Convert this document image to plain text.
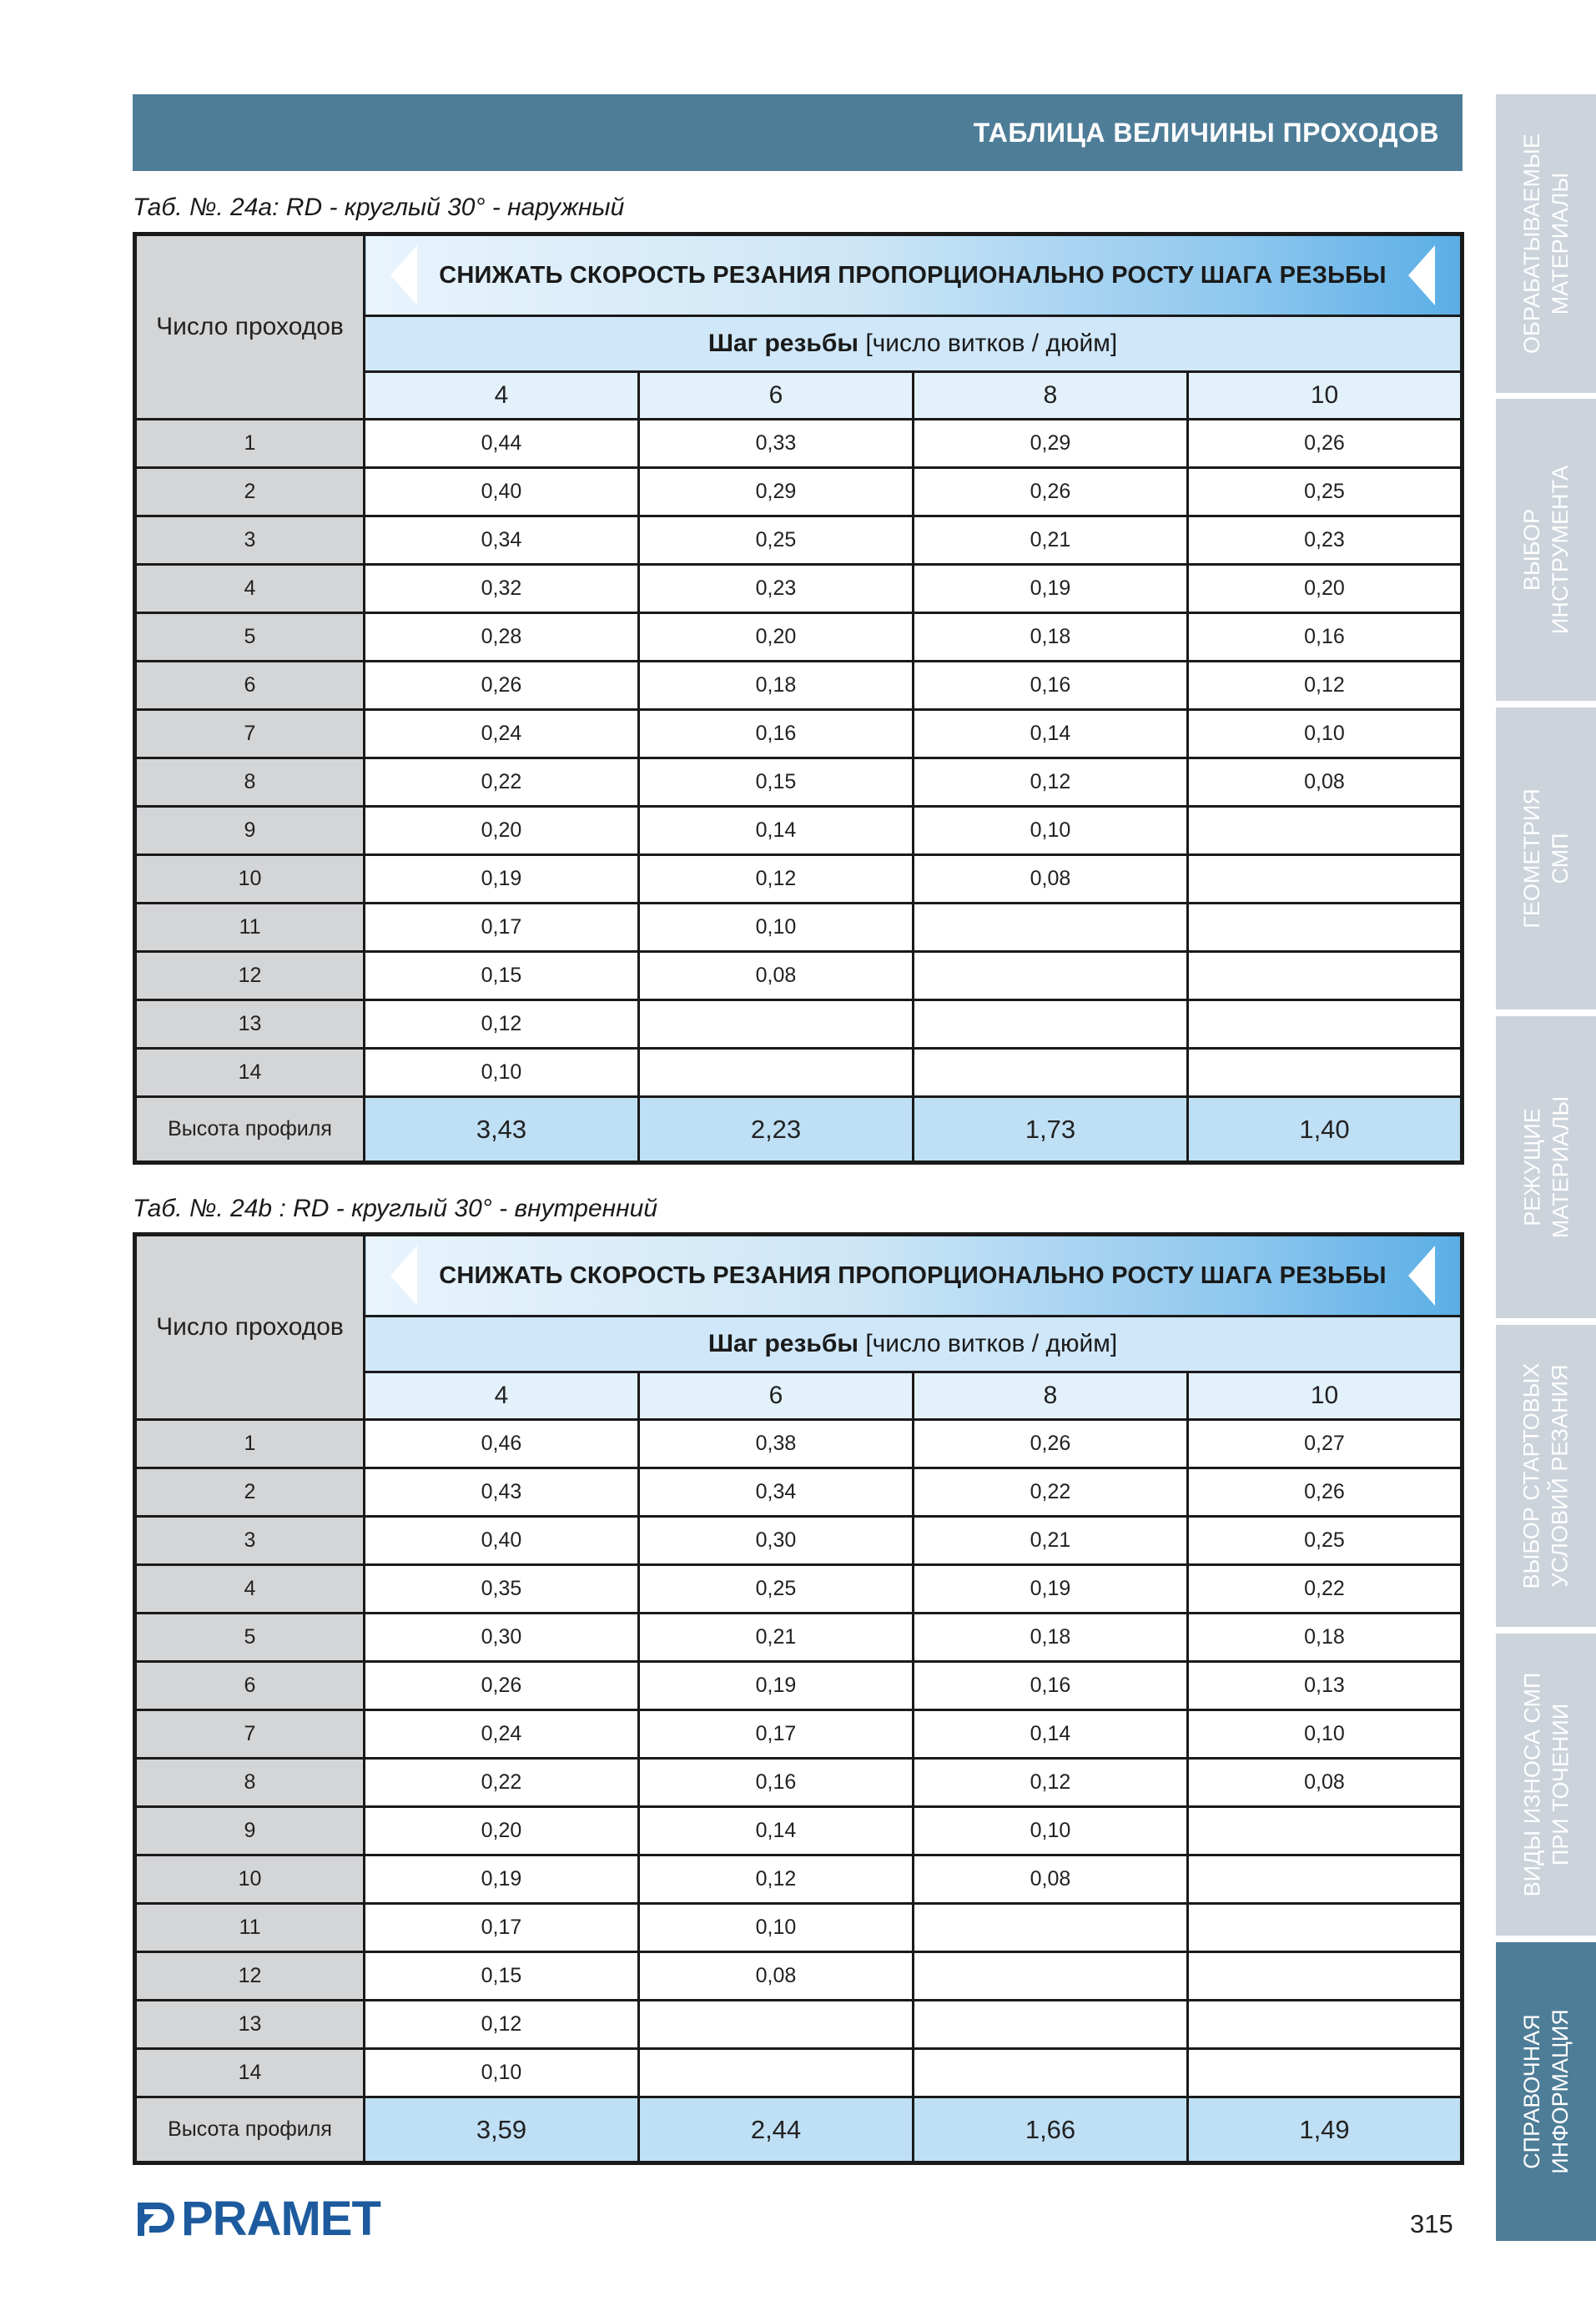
ТАБЛИЦА ВЕЛИЧИНЫ ПРОХОДОВ
Таб. №. 24a: RD - круглый 30° - наружный
Число проходов	СНИЖАТЬ СКОРОСТЬ РЕЗАНИЯ ПРОПОРЦИОНАЛЬНО РОСТУ ШАГА РЕЗЬБЫ			

	Шаг резьбы [число витков / дюйм]			
	4	6	8	10
1	0,44	0,33	0,29	0,26
2	0,40	0,29	0,26	0,25
3	0,34	0,25	0,21	0,23
4	0,32	0,23	0,19	0,20
5	0,28	0,20	0,18	0,16
6	0,26	0,18	0,16	0,12
7	0,24	0,16	0,14	0,10
8	0,22	0,15	0,12	0,08
9	0,20	0,14	0,10	
10	0,19	0,12	0,08	
11	0,17	0,10		
12	0,15	0,08		
13	0,12			
14	0,10			
Высота профиля	3,43	2,23	1,73	1,40
Таб. №. 24b : RD - круглый 30° - внутренний
Число проходов	СНИЖАТЬ СКОРОСТЬ РЕЗАНИЯ ПРОПОРЦИОНАЛЬНО РОСТУ ШАГА РЕЗЬБЫ			

	Шаг резьбы [число витков / дюйм]			
	4	6	8	10
1	0,46	0,38	0,26	0,27
2	0,43	0,34	0,22	0,26
3	0,40	0,30	0,21	0,25
4	0,35	0,25	0,19	0,22
5	0,30	0,21	0,18	0,18
6	0,26	0,19	0,16	0,13
7	0,24	0,17	0,14	0,10
8	0,22	0,16	0,12	0,08
9	0,20	0,14	0,10	
10	0,19	0,12	0,08	
11	0,17	0,10		
12	0,15	0,08		
13	0,12			
14	0,10			
Высота профиля	3,59	2,44	1,66	1,49
ОБРАБАТЫВАЕМЫЕ МАТЕРИАЛЫ
ВЫБОР ИНСТРУМЕНТА
ГЕОМЕТРИЯ СМП
РЕЖУЩИЕ МАТЕРИАЛЫ
ВЫБОР СТАРТОВЫХ УСЛОВИЙ РЕЗАНИЯ
ВИДЫ ИЗНОСА СМП ПРИ ТОЧЕНИИ
СПРАВОЧНАЯ ИНФОРМАЦИЯ
PRAMET	315
